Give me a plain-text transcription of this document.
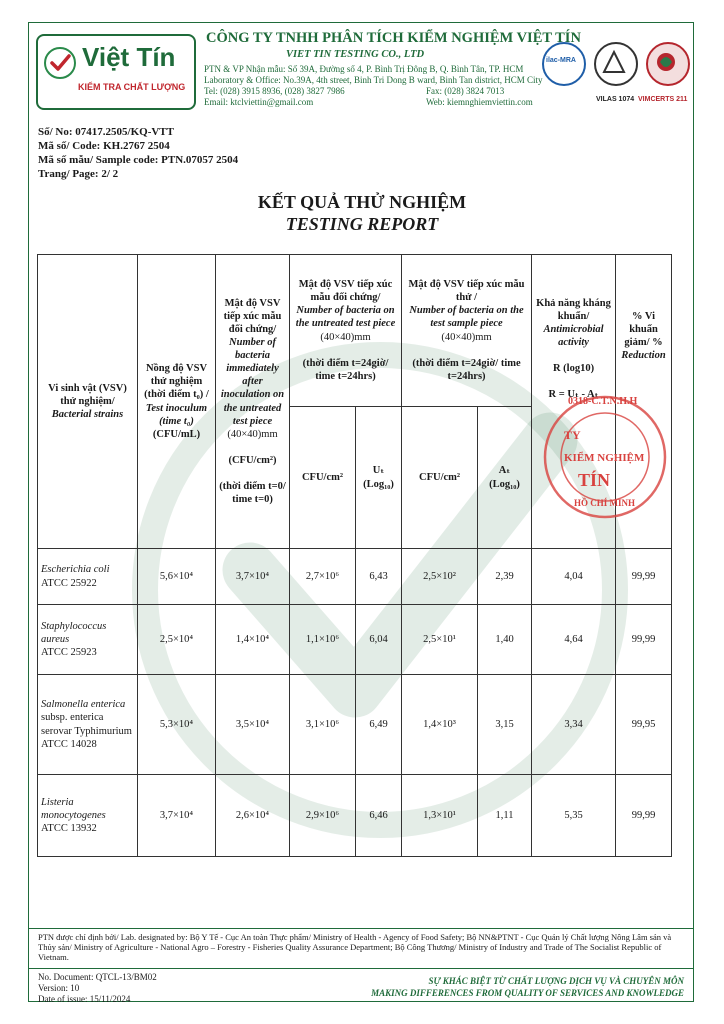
Việt Tín
KIỂM TRA CHẤT LƯỢNG
CÔNG TY TNHH PHÂN TÍCH KIỂM NGHIỆM VIỆT TÍN
VIET TIN TESTING CO., LTD
PTN & VP Nhận mẫu: Số 39A, Đường số 4, P. Bình Trị Đông B, Q. Bình Tân, TP. HCM
Laboratory & Office: No.39A, 4th street, Binh Tri Dong B ward, Binh Tan district, HCM City
Tel: (028) 3915 8936, (028) 3827 7986	Fax: (028) 3824 7013
Email: ktclviettin@gmail.com	Web: kiemnghiemviettin.com
ilac-MRA
VILAS 1074 VIMCERTS 211
Số/ No: 07417.2505/KQ-VTT
Mã số/ Code: KH.2767 2504
Mã số mẫu/ Sample code: PTN.07057 2504
Trang/ Page: 2/ 2
KẾT QUẢ THỬ NGHIỆM
TESTING REPORT
Vi sinh vật (VSV) thử nghiệm/
Bacterial strains	Nồng độ VSV thử nghiệm (thời điểm t₀) /
Test inoculum (time t₀)
(CFU/mL)	Mật độ VSV tiếp xúc mẫu đối chứng/
Number of bacteria immediately after inoculation on the untreated test piece
(40×40)mm

(CFU/cm²)

(thời điểm t=0/ time t=0)	Mật độ VSV tiếp xúc mẫu đối chứng/
Number of bacteria on the untreated test piece
(40×40)mm

(thời điểm t=24giờ/ time t=24hrs)		Mật độ VSV tiếp xúc mẫu thử /
Number of bacteria on the test sample piece
(40×40)mm

(thời điểm t=24giờ/ time t=24hrs)		Khả năng kháng khuẩn/
Antimicrobial activity

R (log10)

R = Uₜ - Aₜ	% Vi khuẩn giảm/ %
Reduction

			CFU/cm²	Uₜ
(Log₁₀)	CFU/cm²	Aₜ
(Log₁₀)		
Escherichia coli
ATCC 25922	5,6×10⁴	3,7×10⁴	2,7×10⁶	6,43	2,5×10²	2,39	4,04	99,99
Staphylococcus aureus
ATCC 25923	2,5×10⁴	1,4×10⁴	1,1×10⁶	6,04	2,5×10¹	1,40	4,64	99,99
Salmonella enterica subsp. enterica serovar Typhimurium ATCC 14028	5,3×10⁴	3,5×10⁴	3,1×10⁶	6,49	1,4×10³	3,15	3,34	99,95
Listeria monocytogenes
ATCC 13932	3,7×10⁴	2,6×10⁴	2,9×10⁶	6,46	1,3×10¹	1,11	5,35	99,99
0318-C.T.N.H.H
TY
KIỂM NGHIỆM
TÍN
HỒ CHÍ MINH
PTN được chỉ định bởi/ Lab. designated by: Bộ Y Tế - Cục An toàn Thực phẩm/ Ministry of Health - Agency of Food Safety; Bộ NN&PTNT - Cục Quản lý Chất lượng Nông Lâm sản và Thủy sản/ Ministry of Agriculture - National Agro – Forestry - Fisheries Quality Assurance Department; Bộ Công Thương/ Ministry of Industry and Trade of The Socialist Republic of Vietnam.
No. Document: QTCL-13/BM02
Version: 10
Date of issue: 15/11/2024
SỰ KHÁC BIỆT TỪ CHẤT LƯỢNG DỊCH VỤ VÀ CHUYÊN MÔN
MAKING DIFFERENCES FROM QUALITY OF SERVICES AND KNOWLEDGE
